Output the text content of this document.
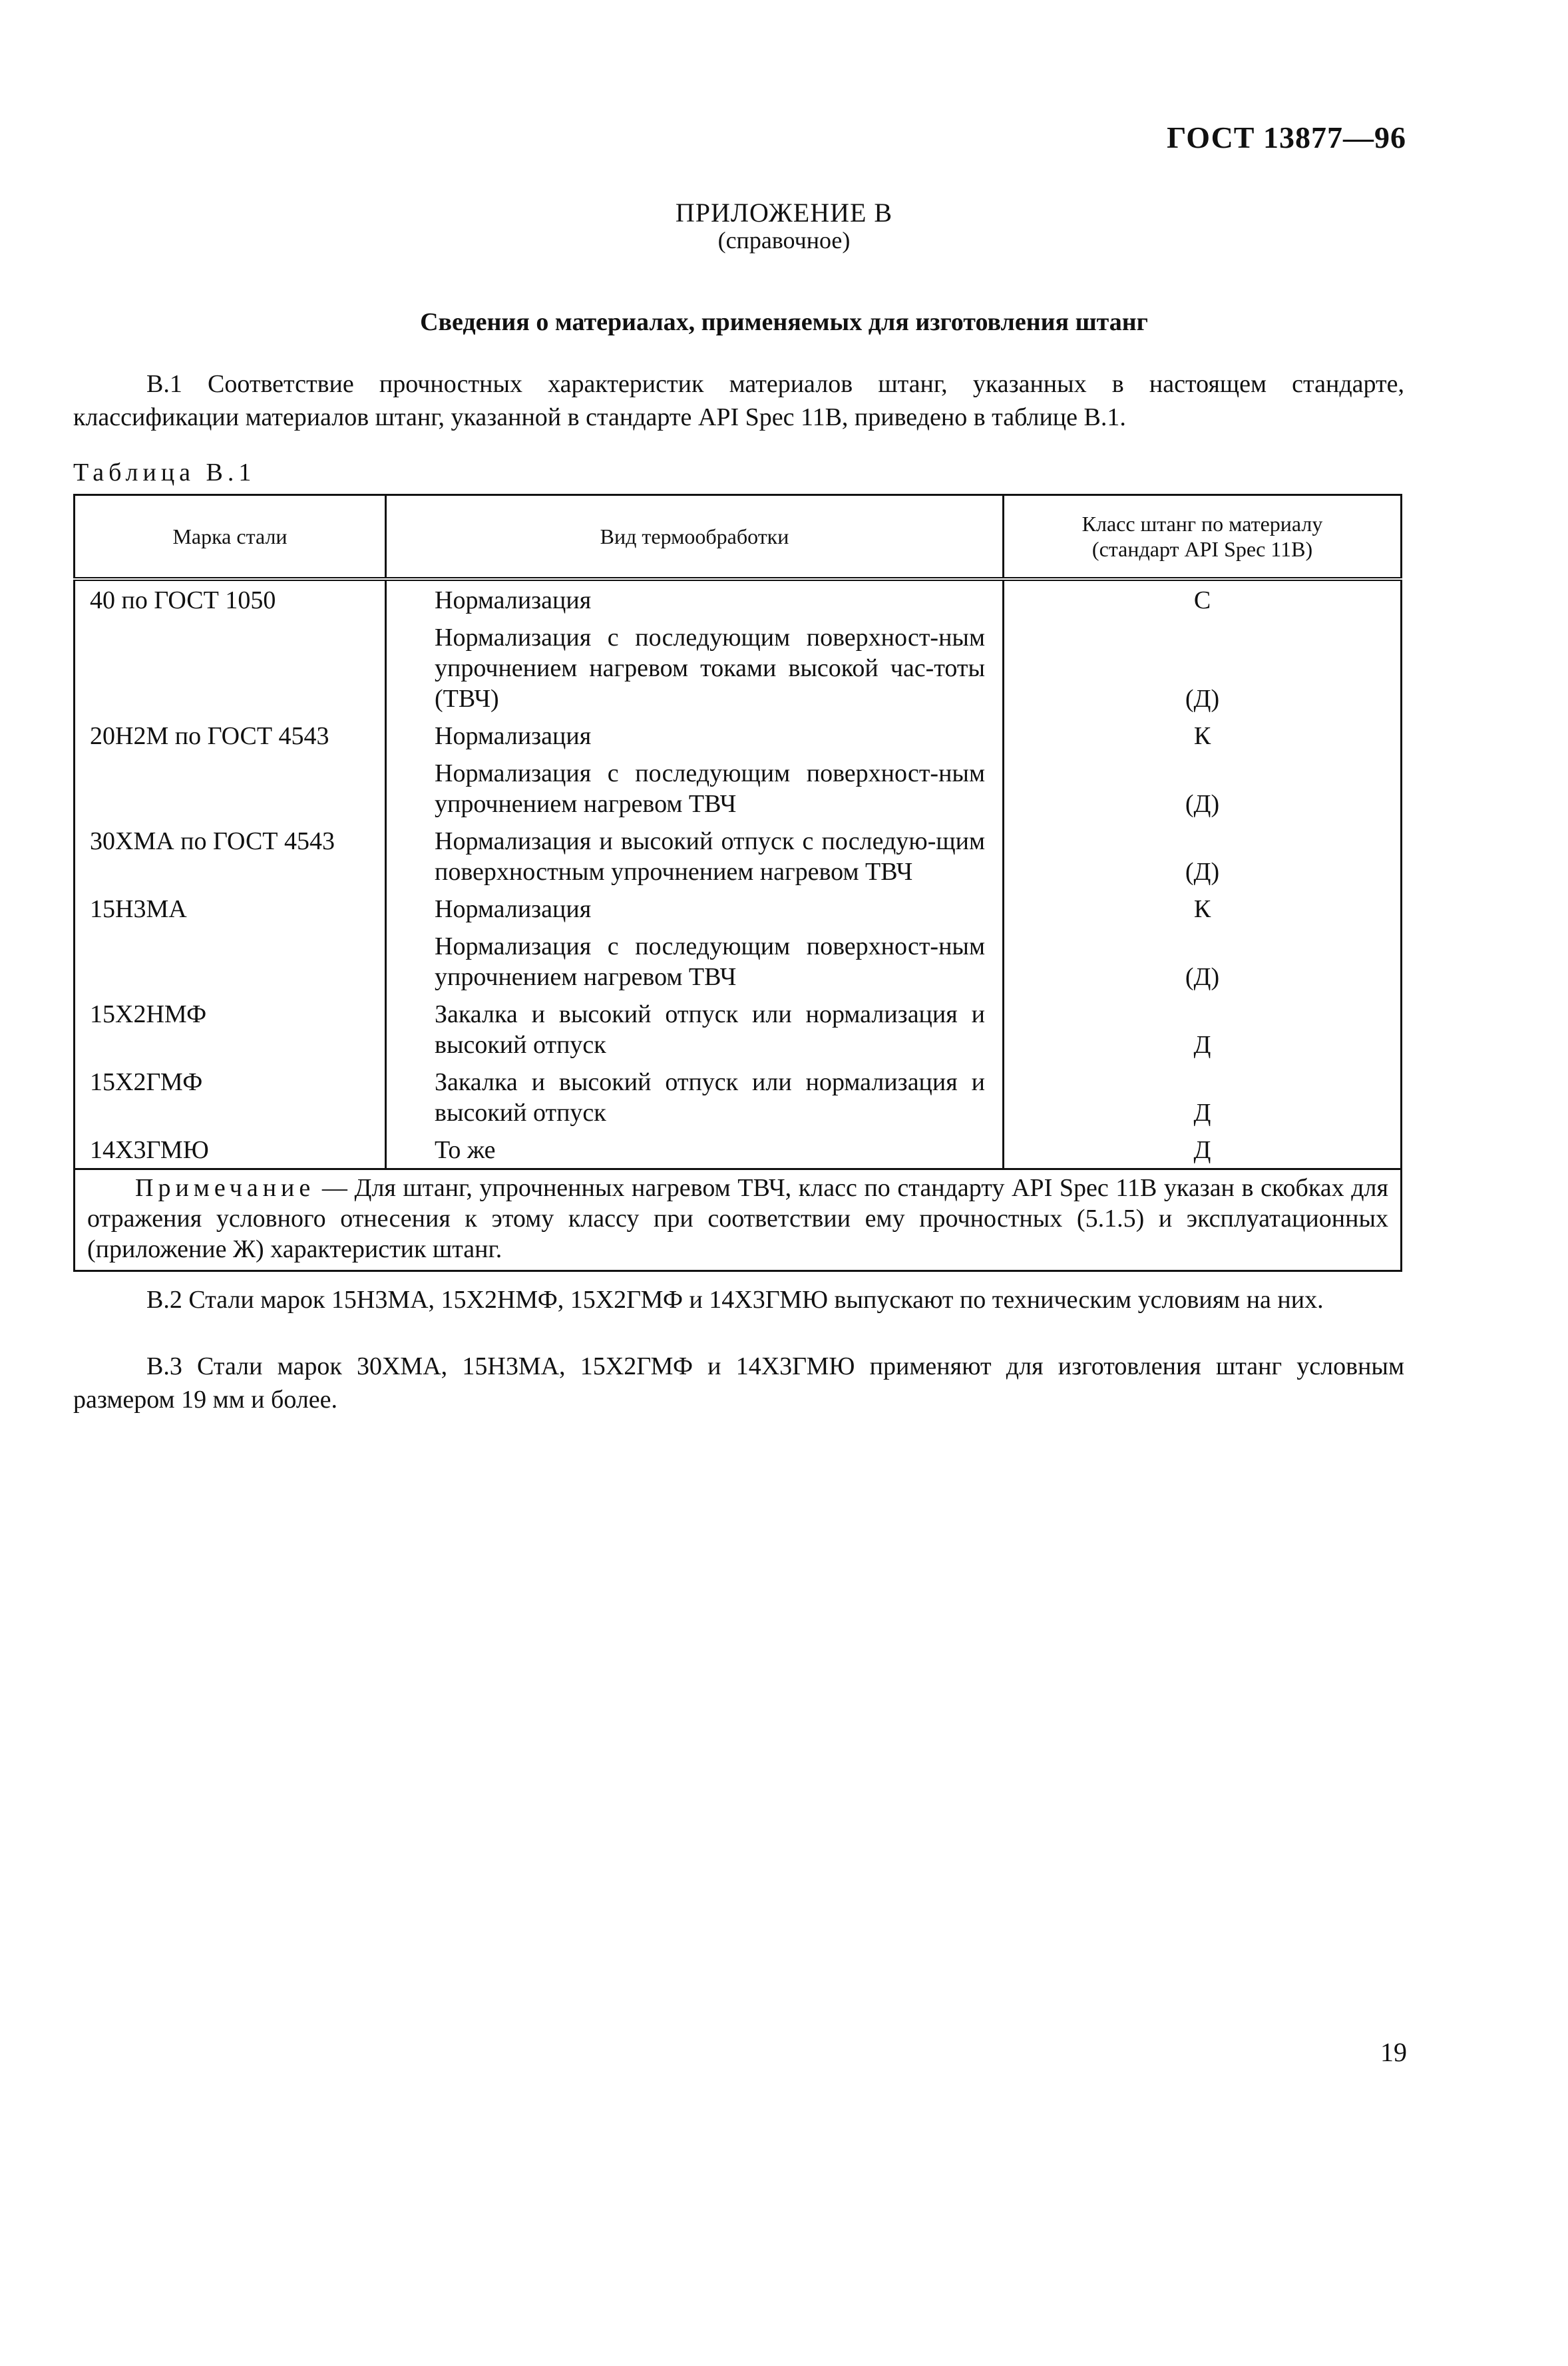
ГОСТ 13877—96
ПРИЛОЖЕНИЕ В
(справочное)
Сведения о материалах, применяемых для изготовления штанг
В.1 Соответствие прочностных характеристик материалов штанг, указанных в настоящем стандарте, классификации материалов штанг, указанной в стандарте API Spec 11B, приведено в таблице В.1.
Таблица В.1
Марка стали	Вид термообработки	Класс штанг по материалу
(стандарт API Spec 11B)

40 по ГОСТ 1050	Нормализация	С
	Нормализация с последующим поверхност-ным упрочнением нагревом токами высокой час-тоты (ТВЧ)	(Д)
20Н2М по ГОСТ 4543	Нормализация	К
	Нормализация с последующим поверхност-ным упрочнением нагревом ТВЧ	(Д)
30ХМА по ГОСТ 4543	Нормализация и высокий отпуск с последую-щим поверхностным упрочнением нагревом ТВЧ	(Д)
15Н3МА	Нормализация	К
	Нормализация с последующим поверхност-ным упрочнением нагревом ТВЧ	(Д)
15Х2НМФ	Закалка и высокий отпуск или нормализация и высокий отпуск	Д
15Х2ГМФ	Закалка и высокий отпуск или нормализация и высокий отпуск	Д
14Х3ГМЮ	То же	Д
Примечание — Для штанг, упрочненных нагревом ТВЧ, класс по стандарту API Spec 11B указан в скобках для отражения условного отнесения к этому классу при соответствии ему прочностных (5.1.5) и эксплуатационных (приложение Ж) характеристик штанг.		
В.2 Стали марок 15Н3МА, 15Х2НМФ, 15Х2ГМФ и 14Х3ГМЮ выпускают по техническим условиям на них.
В.3 Стали марок 30ХМА, 15Н3МА, 15Х2ГМФ и 14Х3ГМЮ применяют для изготовления штанг условным размером 19 мм и более.
19
